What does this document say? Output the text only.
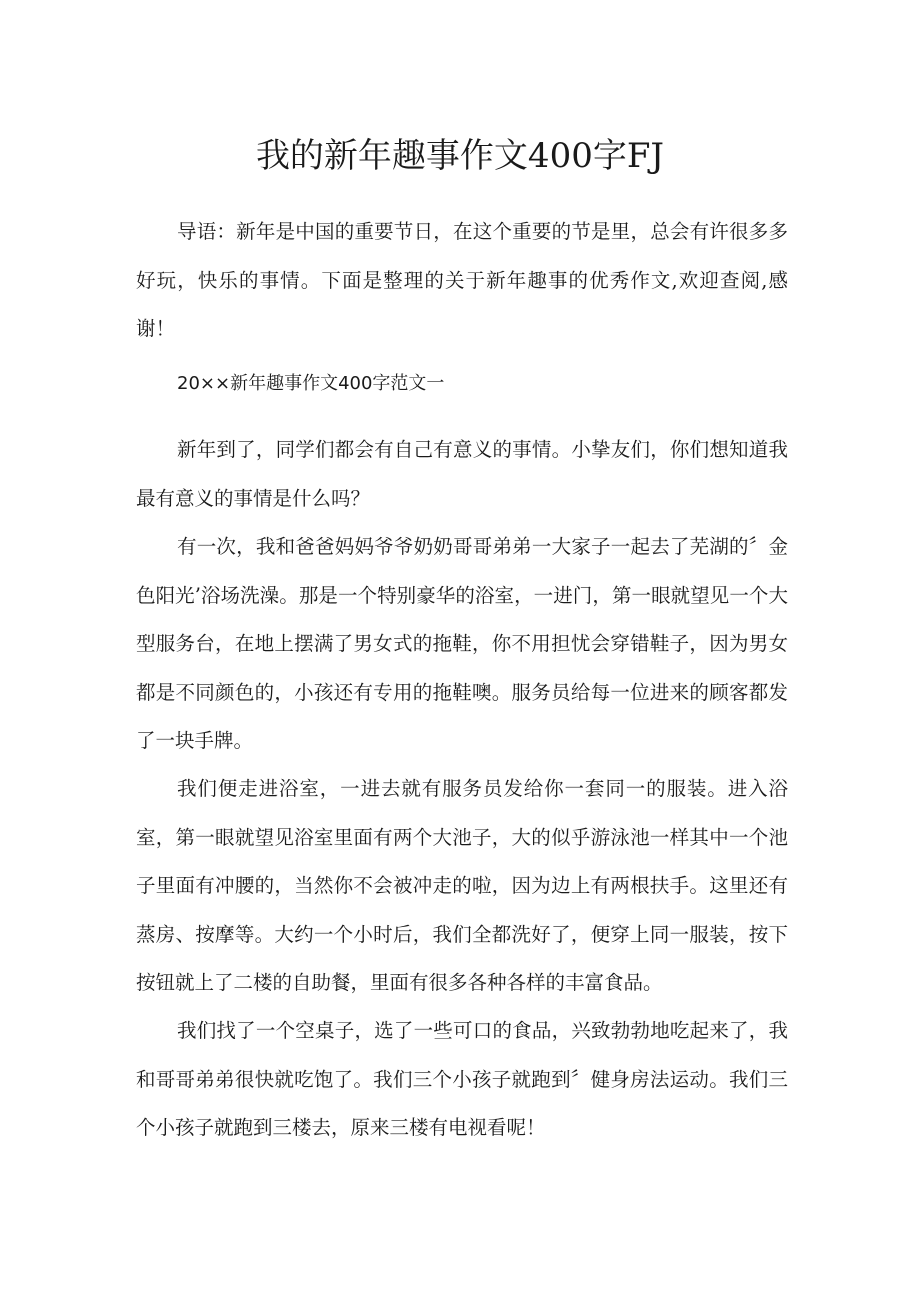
我的新年趣事作文400字FJ

导语：新年是中国的重要节日，在这个重要的节是里，总会有许很多多好玩，快乐的事情。下面是整理的关于新年趣事的优秀作文,欢迎查阅,感谢！

20××新年趣事作文400字范文一

新年到了，同学们都会有自己有意义的事情。小挚友们，你们想知道我最有意义的事情是什么吗？

有一次，我和爸爸妈妈爷爷奶奶哥哥弟弟一大家子一起去了芜湖的〞金色阳光’浴场洗澡。那是一个特别豪华的浴室，一进门，第一眼就望见一个大型服务台，在地上摆满了男女式的拖鞋，你不用担忧会穿错鞋子，因为男女都是不同颜色的，小孩还有专用的拖鞋噢。服务员给每一位进来的顾客都发了一块手牌。

我们便走进浴室，一进去就有服务员发给你一套同一的服装。进入浴室，第一眼就望见浴室里面有两个大池子，大的似乎游泳池一样其中一个池子里面有冲腰的，当然你不会被冲走的啦，因为边上有两根扶手。这里还有蒸房、按摩等。大约一个小时后，我们全都洗好了，便穿上同一服装，按下按钮就上了二楼的自助餐，里面有很多各种各样的丰富食品。

我们找了一个空桌子，选了一些可口的食品，兴致勃勃地吃起来了，我和哥哥弟弟很快就吃饱了。我们三个小孩子就跑到〞健身房法运动。我们三个小孩子就跑到三楼去，原来三楼有电视看呢！
